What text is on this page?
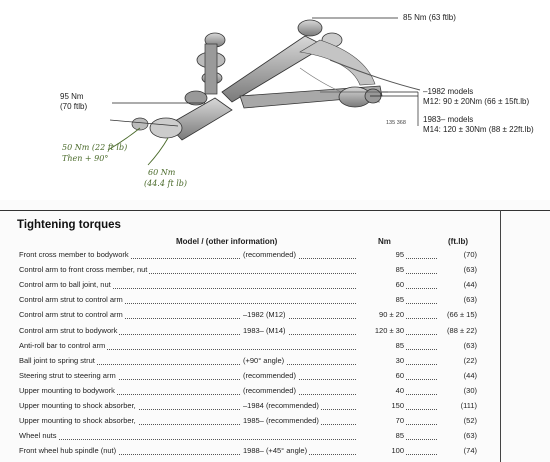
85 Nm (63 ftlb)
95 Nm
(70 ftlb)
–1982 models
M12: 90 ± 20Nm (66 ± 15ft.lb)
1983– models
M14: 120 ± 30Nm (88 ± 22ft.lb)
135 368
50 Nm (22 ft lb)
Then + 90°
60 Nm
(44.4 ft lb)
Tightening torques
Model / (other information)	Nm	(ft.lb)
Front cross member to bodywork	(recommended)	95	(70)
Control arm to front cross member, nut	85	(63)
Control arm to ball joint, nut	60	(44)
Control arm strut to control arm	85	(63)
Control arm strut to control arm	–1982 (M12)	90 ± 20	(66 ± 15)
Control arm strut to bodywork	1983– (M14)	120 ± 30	(88 ± 22)
Anti-roll bar to control arm	85	(63)
Ball joint to spring strut	(+90° angle)	30	(22)
Steering strut to steering arm	(recommended)	60	(44)
Upper mounting to bodywork	(recommended)	40	(30)
Upper mounting to shock absorber,	–1984 (recommended)	150	(111)
Upper mounting to shock absorber,	1985– (recommended)	70	(52)
Wheel nuts	85	(63)
Front wheel hub spindle (nut)	1988– (+45° angle)	100	(74)
